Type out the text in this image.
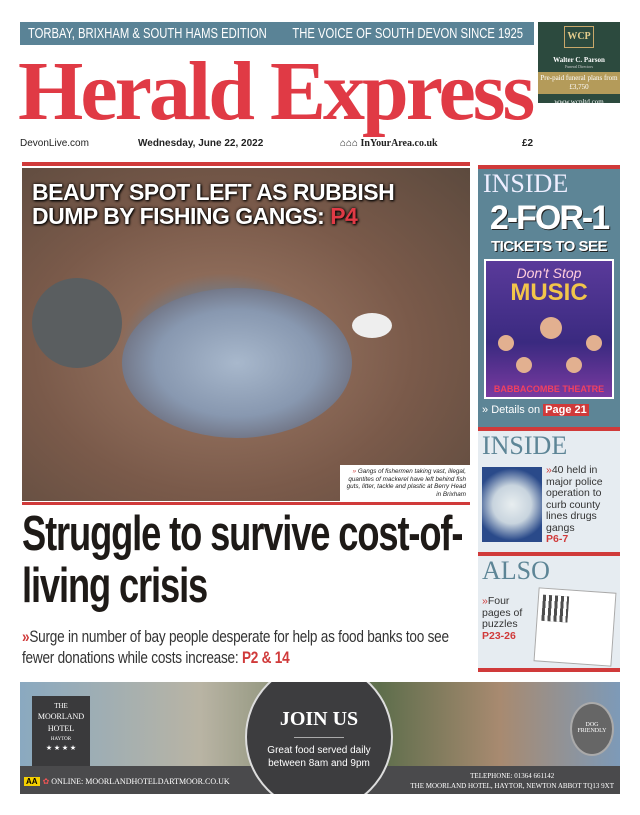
TORBAY, BRIXHAM & SOUTH HAMS EDITION THE VOICE OF SOUTH DEVON SINCE 1925	WCP
Walter C. Parson
Funeral Directors
Pre-paid funeral plans from £3,750
www.wcpltd.com
Herald Express
DevonLive.com	Wednesday, June 22, 2022	⌂⌂⌂ InYourArea.co.uk	£2
BEAUTY SPOT LEFT AS RUBBISH DUMP BY FISHING GANGS: P4
» Gangs of fishermen taking vast, illegal, quantites of mackerel have left behind fish guts, litter, tackle and plastic at Berry Head in Brixham
Struggle to survive cost-of-living crisis
»Surge in number of bay people desperate for help as food banks too see fewer donations while costs increase: P2 & 14
INSIDE
2-FOR-1
TICKETS TO SEE
Don't Stop
MUSIC
BABBACOMBE THEATRE
» Details on Page 21
INSIDE
»40 held in major police operation to curb county lines drugs gangs
P6-7
ALSO
»Four pages of puzzles
P23-26
THE
MOORLAND HOTEL
HAYTOR
★ ★ ★ ★
JOIN US
Great food served daily between 8am and 9pm
DOG FRIENDLY
AA ✿ ONLINE: MOORLANDHOTELDARTMOOR.CO.UK
TELEPHONE: 01364 661142
THE MOORLAND HOTEL, HAYTOR, NEWTON ABBOT TQ13 9XT
